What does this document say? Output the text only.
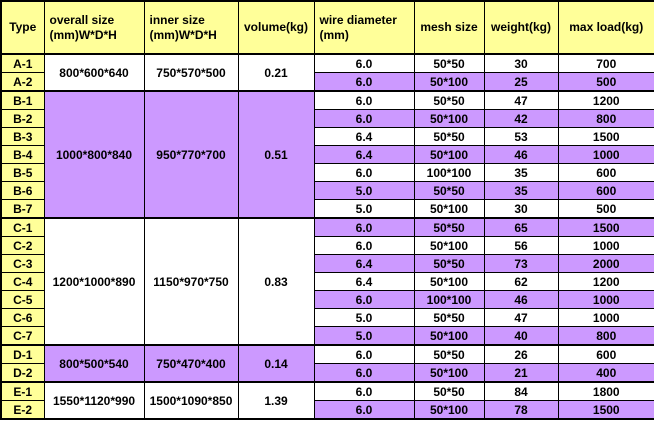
Type	overall size (mm)W*D*H	inner size (mm)W*D*H	volume(kg)	wire diameter (mm)	mesh size	weight(kg)	max load(kg)
A-1	800*600*640	750*570*500	0.21	6.0	50*50	30	700
A-2				6.0	50*100	25	500
B-1	1000*800*840	950*770*700	0.51	6.0	50*50	47	1200
B-2				6.0	50*100	42	800
B-3				6.4	50*50	53	1500
B-4				6.4	50*100	46	1000
B-5				6.0	100*100	35	600
B-6				5.0	50*50	35	600
B-7				5.0	50*100	30	500
C-1	1200*1000*890	1150*970*750	0.83	6.0	50*50	65	1500
C-2				6.0	50*100	56	1000
C-3				6.4	50*50	73	2000
C-4				6.4	50*100	62	1200
C-5				6.0	100*100	46	1000
C-6				5.0	50*50	47	1000
C-7				5.0	50*100	40	800
D-1	800*500*540	750*470*400	0.14	6.0	50*50	26	600
D-2				6.0	50*100	21	400
E-1	1550*1120*990	1500*1090*850	1.39	6.0	50*50	84	1800
E-2				6.0	50*100	78	1500
